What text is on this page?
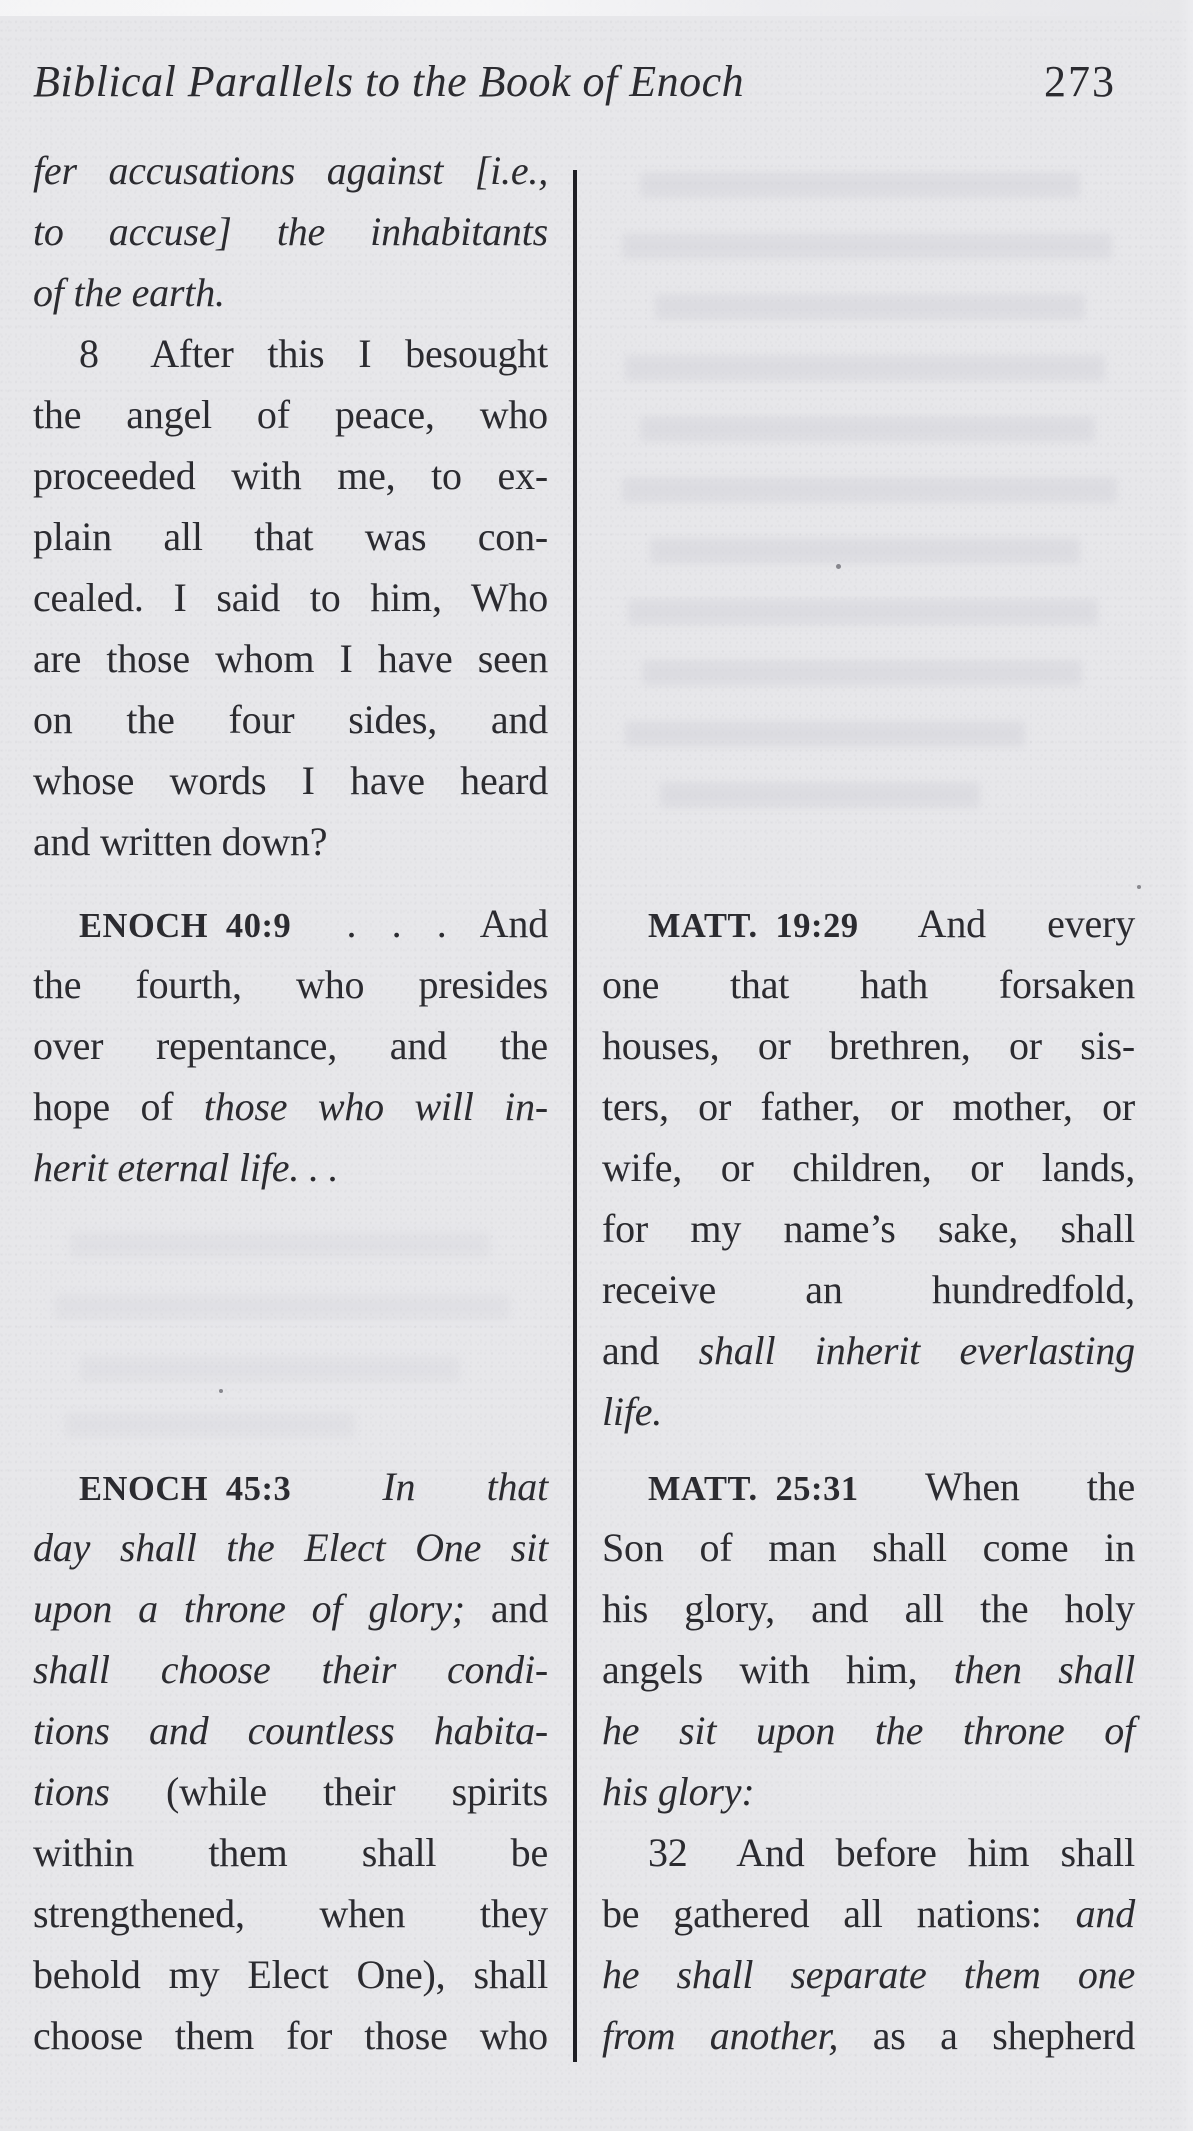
Biblical Parallels to the Book of Enoch	273
fer accusations against [i.e.,
to accuse] the inhabitants
of the earth.
8  After this I besought
the angel of peace, who
proceeded with me, to ex-
plain all that was con-
cealed. I said to him, Who
are those whom I have seen
on the four sides, and
whose words I have heard
and written down?
ENOCH 40:9  . . . And
the fourth, who presides
over repentance, and the
hope of those who will in-
herit eternal life. . .
ENOCH 45:3  In that
day shall the Elect One sit
upon a throne of glory; and
shall choose their condi-
tions and countless habita-
tions (while their spirits
within them shall be
strengthened, when they
behold my Elect One), shall
choose them for those who
MATT. 19:29 And every
one that hath forsaken
houses, or brethren, or sis-
ters, or father, or mother, or
wife, or children, or lands,
for my name’s sake, shall
receive an hundredfold,
and shall inherit everlasting
life.
MATT. 25:31 When the
Son of man shall come in
his glory, and all the holy
angels with him, then shall
he sit upon the throne of
his glory:
32  And before him shall
be gathered all nations: and
he shall separate them one
from another, as a shepherd
